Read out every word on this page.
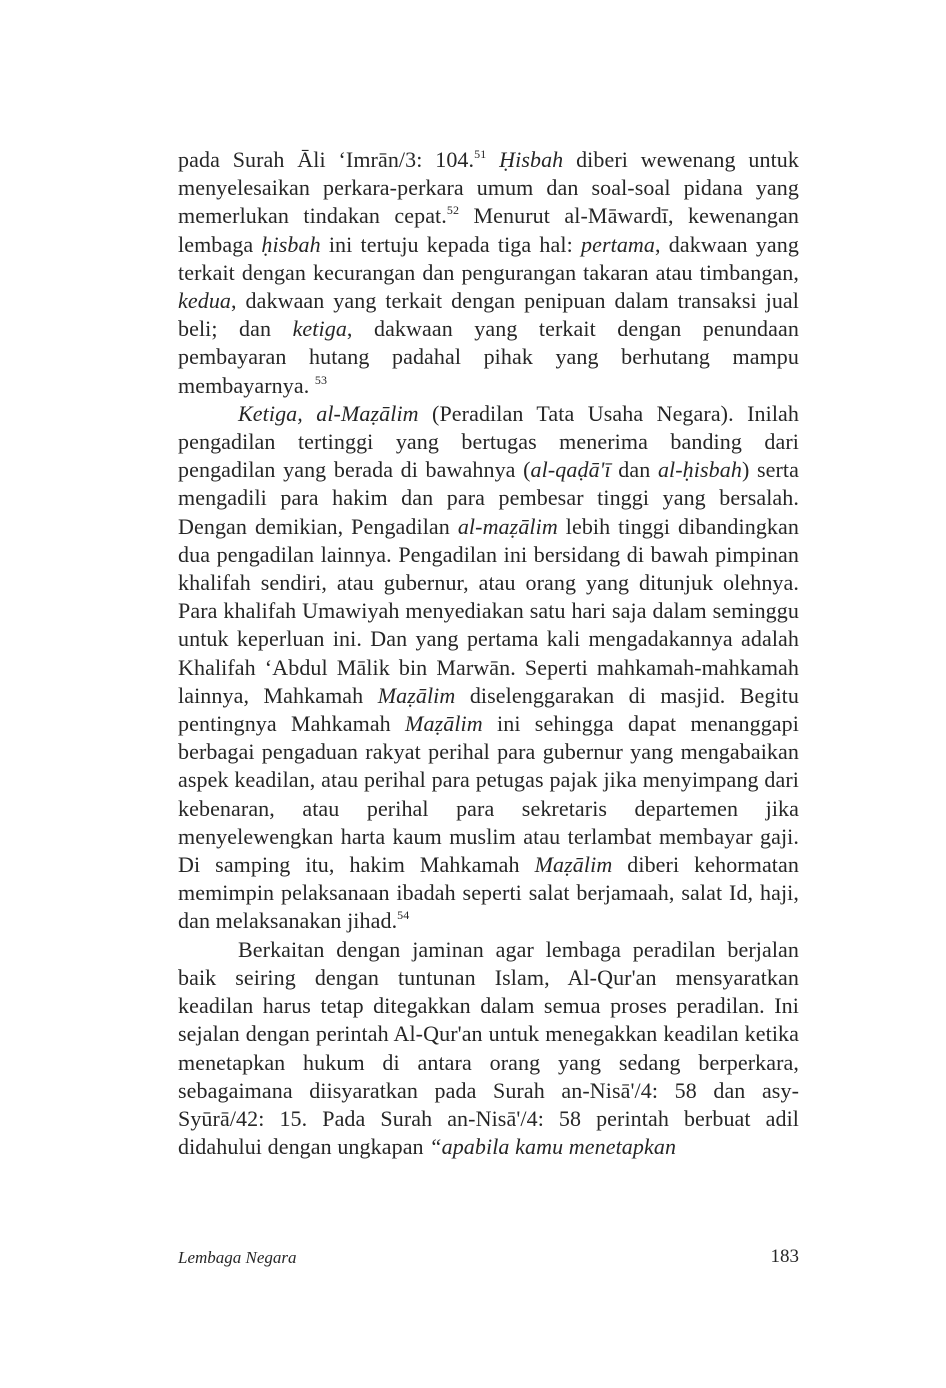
pada Surah Āli ‘Imrān/3: 104.51 Ḥisbah diberi wewenang untuk menyelesaikan perkara-perkara umum dan soal-soal pidana yang memerlukan tindakan cepat.$^{52}$ Menurut al-Māwardī, kewenangan lembaga ḥisbah ini tertuju kepada tiga hal: pertama, dakwaan yang terkait dengan kecurangan dan pengurangan takaran atau timbangan, kedua, dakwaan yang terkait dengan penipuan dalam transaksi jual beli; dan ketiga, dakwaan yang terkait dengan penundaan pembayaran hutang padahal pihak yang berhutang mampu membayarnya. $^{53}$

Ketiga, al-Maẓālim (Peradilan Tata Usaha Negara). Inilah pengadilan tertinggi yang bertugas menerima banding dari pengadilan yang berada di bawahnya (al-qaḍā'ī dan al-ḥisbah) serta mengadili para hakim dan para pembesar tinggi yang bersalah. Dengan demikian, Pengadilan al-maẓālim lebih tinggi dibandingkan dua pengadilan lainnya. Pengadilan ini bersidang di bawah pimpinan khalifah sendiri, atau gubernur, atau orang yang ditunjuk olehnya. Para khalifah Umawiyah menyediakan satu hari saja dalam seminggu untuk keperluan ini. Dan yang pertama kali mengadakannya adalah Khalifah ‘Abdul Mālik bin Marwān. Seperti mahkamah-mahkamah lainnya, Mahkamah Maẓālim diselenggarakan di masjid. Begitu pentingnya Mahkamah Maẓālim ini sehingga dapat menanggapi berbagai pengaduan rakyat perihal para gubernur yang mengabaikan aspek keadilan, atau perihal para petugas pajak jika menyimpang dari kebenaran, atau perihal para sekretaris departemen jika menyelewengkan harta kaum muslim atau terlambat membayar gaji. Di samping itu, hakim Mahkamah Maẓālim diberi kehormatan memimpin pelaksanaan ibadah seperti salat berjamaah, salat Id, haji, dan melaksanakan jihad.$^{54}$

Berkaitan dengan jaminan agar lembaga peradilan berjalan baik seiring dengan tuntunan Islam, Al-Qur'an mensyaratkan keadilan harus tetap ditegakkan dalam semua proses peradilan. Ini sejalan dengan perintah Al-Qur'an untuk menegakkan keadilan ketika menetapkan hukum di antara orang yang sedang berperkara, sebagaimana diisyaratkan pada Surah an-Nisā'/4: 58 dan asy-Syūrā/42: 15. Pada Surah an-Nisā'/4: 58 perintah berbuat adil didahului dengan ungkapan “apabila kamu menetapkan

Lembaga Negara	183
